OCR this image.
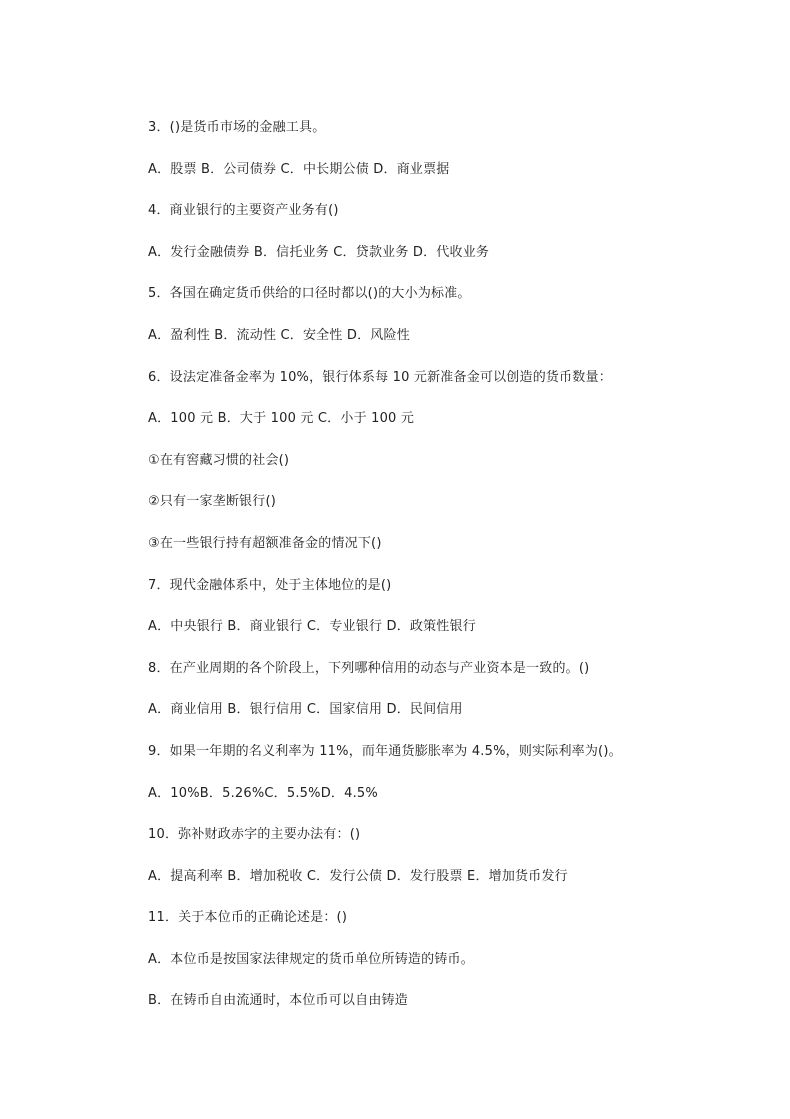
3．()是货币市场的金融工具。
A．股票 B．公司债券 C．中长期公债 D．商业票据
4．商业银行的主要资产业务有()
A．发行金融债券 B．信托业务 C．贷款业务 D．代收业务
5．各国在确定货币供给的口径时都以()的大小为标准。
A．盈利性 B．流动性 C．安全性 D．风险性
6．设法定准备金率为 10%，银行体系每 10 元新准备金可以创造的货币数量：
A．100 元 B．大于 100 元 C．小于 100 元
①在有窖藏习惯的社会()
②只有一家垄断银行()
③在一些银行持有超额准备金的情况下()
7．现代金融体系中，处于主体地位的是()
A．中央银行 B．商业银行 C．专业银行 D．政策性银行
8．在产业周期的各个阶段上，下列哪种信用的动态与产业资本是一致的。()
A．商业信用 B．银行信用 C．国家信用 D．民间信用
9．如果一年期的名义利率为 11%，而年通货膨胀率为 4.5%，则实际利率为()。
A．10%B．5.26%C．5.5%D．4.5%
10．弥补财政赤字的主要办法有：()
A．提高利率 B．增加税收 C．发行公债 D．发行股票 E．增加货币发行
11．关于本位币的正确论述是：()
A．本位币是按国家法律规定的货币单位所铸造的铸币。
B．在铸币自由流通时，本位币可以自由铸造
